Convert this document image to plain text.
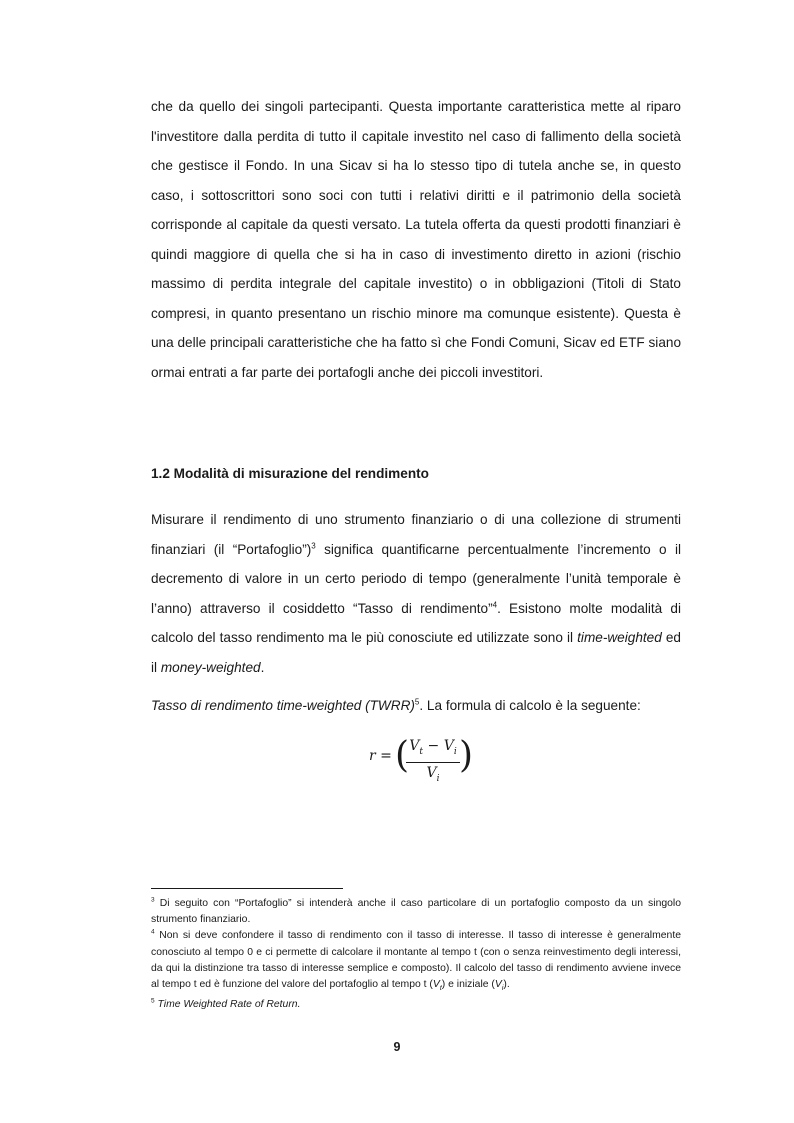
che da quello dei singoli partecipanti. Questa importante caratteristica mette al riparo l'investitore dalla perdita di tutto il capitale investito nel caso di fallimento della società che gestisce il Fondo. In una Sicav si ha lo stesso tipo di tutela anche se, in questo caso, i sottoscrittori sono soci con tutti i relativi diritti e il patrimonio della società corrisponde al capitale da questi versato. La tutela offerta da questi prodotti finanziari è quindi maggiore di quella che si ha in caso di investimento diretto in azioni (rischio massimo di perdita integrale del capitale investito) o in obbligazioni (Titoli di Stato compresi, in quanto presentano un rischio minore ma comunque esistente). Questa è una delle principali caratteristiche che ha fatto sì che Fondi Comuni, Sicav ed ETF siano ormai entrati a far parte dei portafogli anche dei piccoli investitori.

1.2 Modalità di misurazione del rendimento

Misurare il rendimento di uno strumento finanziario o di una collezione di strumenti finanziari (il “Portafoglio”)$^3$ significa quantificarne percentualmente l’incremento o il decremento di valore in un certo periodo di tempo (generalmente l’unità temporale è l’anno) attraverso il cosiddetto “Tasso di rendimento”$^4$. Esistono molte modalità di calcolo del tasso rendimento ma le più conosciute ed utilizzate sono il time-weighted ed il money-weighted.

Tasso di rendimento time-weighted (TWRR)$^5$. La formula di calcolo è la seguente:

r = ( $V_t - V_i$
$V_i$
)

$^3$ Di seguito con “Portafoglio” si intenderà anche il caso particolare di un portafoglio composto da un singolo strumento finanziario.

$^4$ Non si deve confondere il tasso di rendimento con il tasso di interesse. Il tasso di interesse è generalmente conosciuto al tempo 0 e ci permette di calcolare il montante al tempo t (con o senza reinvestimento degli interessi, da qui la distinzione tra tasso di interesse semplice e composto). Il calcolo del tasso di rendimento avviene invece al tempo t ed è funzione del valore del portafoglio al tempo t $(V_t)$ e iniziale $(V_i)$.

$^5$ Time Weighted Rate of Return.

9
